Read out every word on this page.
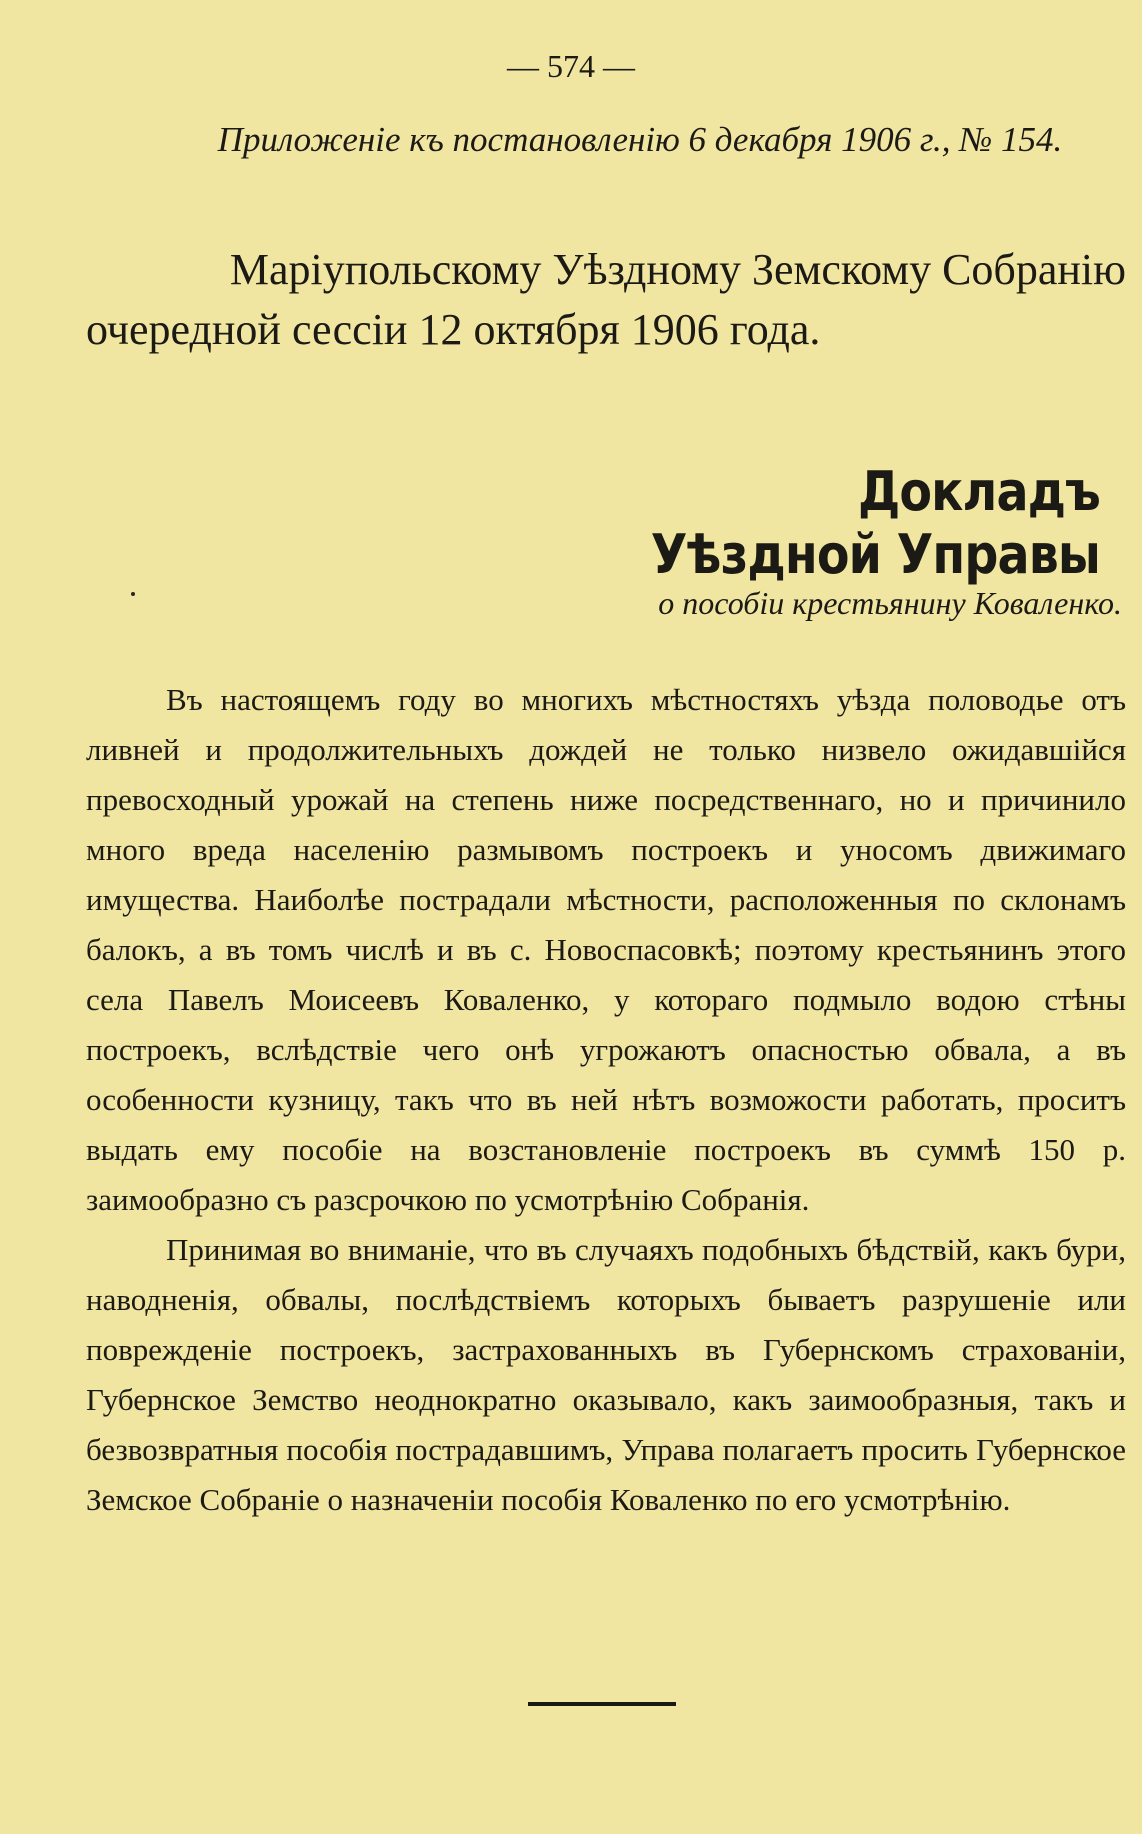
— 574 —
Приложеніе къ постановленію 6 декабря 1906 г., № 154.
Маріупольскому Уѣздному Земскому Собранію
очередной сессіи 12 октября 1906 года.
Докладъ Уѣздной Управы
о пособіи крестьянину Коваленко.

Въ настоящемъ году во многихъ мѣстностяхъ уѣзда половодье отъ ливней и продолжительныхъ дождей не только низвело ожидавшійся превосходный урожай на степень ниже посредственнаго, но и причинило много вреда населенію размывомъ построекъ и уносомъ движимаго имущества. Наиболѣе пострадали мѣстности, расположенныя по склонамъ балокъ, а въ томъ числѣ и въ с. Новоспасовкѣ; поэтому крестьянинъ этого села Павелъ Моисеевъ Коваленко, у котораго подмыло водою стѣны построекъ, вслѣдствіе чего онѣ угрожаютъ опасностью обвала, а въ особенности кузницу, такъ что въ ней нѣтъ возможости работать, проситъ выдать ему пособіе на возстановленіе построекъ въ суммѣ 150 р. заимообразно съ разсрочкою по усмотрѣнію Собранія.

Принимая во вниманіе, что въ случаяхъ подобныхъ бѣдствій, какъ бури, наводненія, обвалы, послѣдствіемъ которыхъ бываетъ разрушеніе или поврежденіе построекъ, застрахованныхъ въ Губернскомъ страхованіи, Губернское Земство неоднократно оказывало, какъ заимообразныя, такъ и безвозвратныя пособія пострадавшимъ, Управа полагаетъ просить Губернское Земское Собраніе о назначеніи пособія Коваленко по его усмотрѣнію.
